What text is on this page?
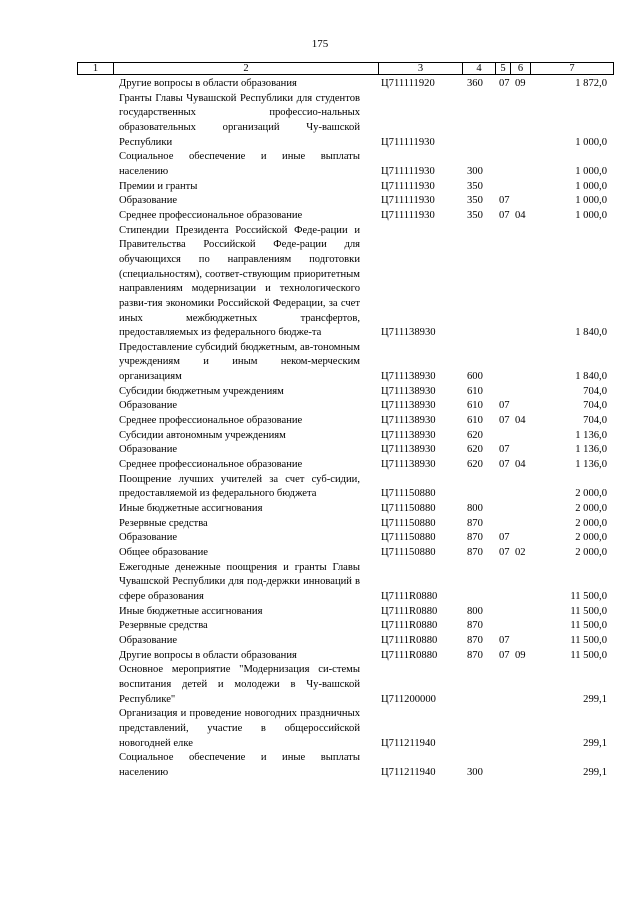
175
1	2	3	4	5	6	7
Другие вопросы в области образования	Ц711111920	360	07 09	1 872,0
Гранты Главы Чувашской Республики для студентов государственных профессио-нальных образовательных организаций Чу-вашской Республики	Ц711111930	1 000,0
Социальное обеспечение и иные выплаты населению	Ц711111930	300	1 000,0
Премии и гранты	Ц711111930	350	1 000,0
Образование	Ц711111930	350	07	1 000,0
Среднее профессиональное образование	Ц711111930	350	07 04	1 000,0
Стипендии Президента Российской Феде-рации и Правительства Российской Феде-рации для обучающихся по направлениям подготовки (специальностям), соответ-ствующим приоритетным направлениям модернизации и технологического разви-тия экономики Российской Федерации, за счет иных межбюджетных трансфертов, предоставляемых из федерального бюдже-та	Ц711138930	1 840,0
Предоставление субсидий бюджетным, ав-тономным учреждениям и иным неком-мерческим организациям	Ц711138930	600	1 840,0
Субсидии бюджетным учреждениям	Ц711138930	610	704,0
Образование	Ц711138930	610	07	704,0
Среднее профессиональное образование	Ц711138930	610	07 04	704,0
Субсидии автономным учреждениям	Ц711138930	620	1 136,0
Образование	Ц711138930	620	07	1 136,0
Среднее профессиональное образование	Ц711138930	620	07 04	1 136,0
Поощрение лучших учителей за счет суб-сидии, предоставляемой из федерального бюджета	Ц711150880	2 000,0
Иные бюджетные ассигнования	Ц711150880	800	2 000,0
Резервные средства	Ц711150880	870	2 000,0
Образование	Ц711150880	870	07	2 000,0
Общее образование	Ц711150880	870	07 02	2 000,0
Ежегодные денежные поощрения и гранты Главы Чувашской Республики для под-держки инноваций в сфере образования	Ц7111R0880	11 500,0
Иные бюджетные ассигнования	Ц7111R0880	800	11 500,0
Резервные средства	Ц7111R0880	870	11 500,0
Образование	Ц7111R0880	870	07	11 500,0
Другие вопросы в области образования	Ц7111R0880	870	07 09	11 500,0
Основное мероприятие "Модернизация си-стемы воспитания детей и молодежи в Чу-вашской Республике"	Ц711200000	299,1
Организация и проведение новогодних праздничных представлений, участие в общероссийской новогодней елке	Ц711211940	299,1
Социальное обеспечение и иные выплаты населению	Ц711211940	300	299,1
